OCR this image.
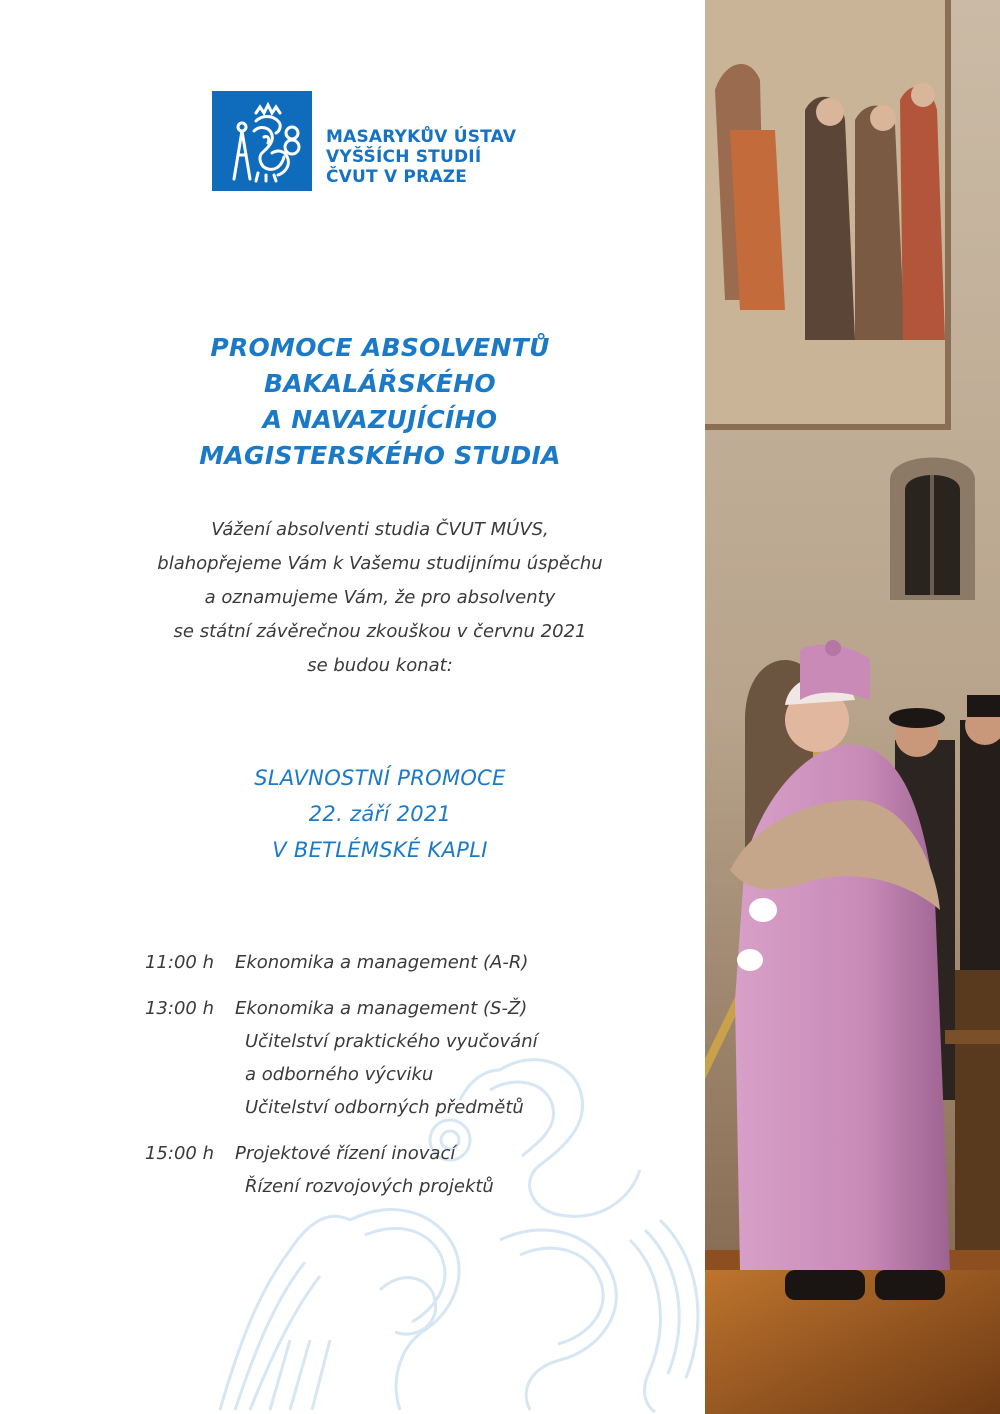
MASARYKŮV ÚSTAV
VYŠŠÍCH STUDIÍ
ČVUT V PRAZE
PROMOCE ABSOLVENTŮ
BAKALÁŘSKÉHO
A NAVAZUJÍCÍHO
MAGISTERSKÉHO STUDIA
Vážení absolventi studia ČVUT MÚVS,
blahopřejeme Vám k Vašemu studijnímu úspěchu
a oznamujeme Vám, že pro absolventy
se státní závěrečnou zkouškou v červnu 2021
se budou konat:
SLAVNOSTNÍ PROMOCE
22. září 2021
V BETLÉMSKÉ KAPLI
11:00 h Ekonomika a management (A-R)
13:00 h Ekonomika a management (S-Ž)
Učitelství praktického vyučování
a odborného výcviku
Učitelství odborných předmětů
15:00 h Projektové řízení inovací
Řízení rozvojových projektů
